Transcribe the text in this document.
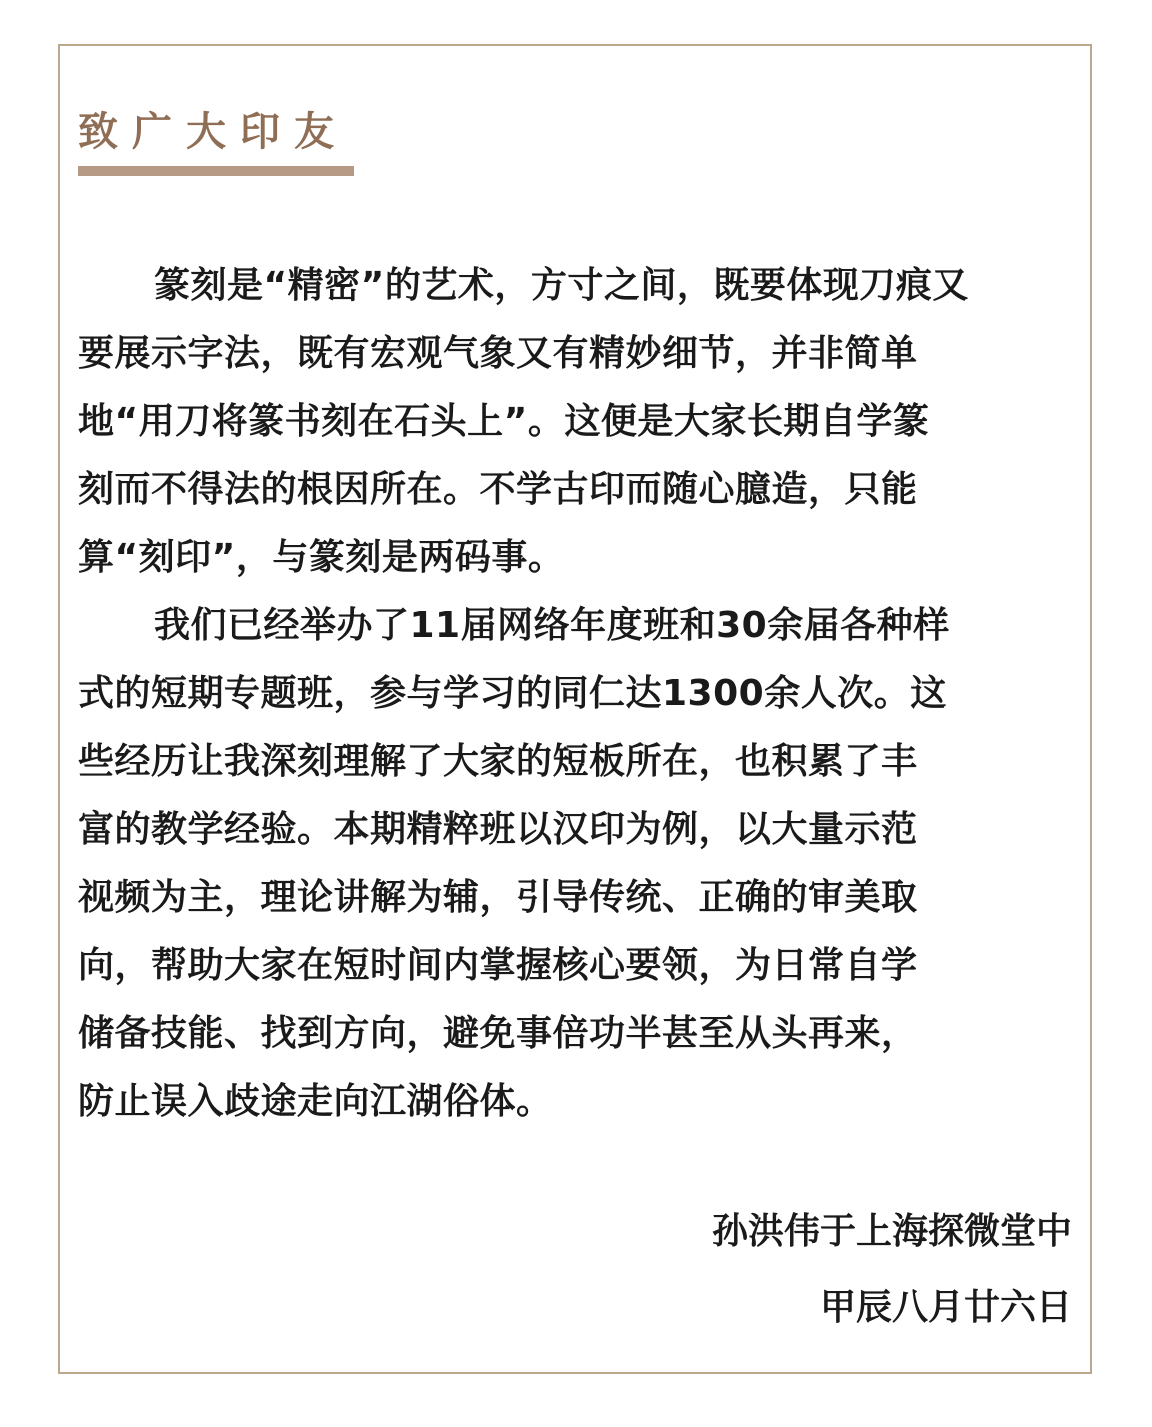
致广大印友
篆刻是“精密”的艺术，方寸之间，既要体现刀痕又
要展示字法，既有宏观气象又有精妙细节，并非简单
地“用刀将篆书刻在石头上”。这便是大家长期自学篆
刻而不得法的根因所在。不学古印而随心臆造，只能
算“刻印”，与篆刻是两码事。
我们已经举办了11届网络年度班和30余届各种样
式的短期专题班，参与学习的同仁达1300余人次。这
些经历让我深刻理解了大家的短板所在，也积累了丰
富的教学经验。本期精粹班以汉印为例，以大量示范
视频为主，理论讲解为辅，引导传统、正确的审美取
向，帮助大家在短时间内掌握核心要领，为日常自学
储备技能、找到方向，避免事倍功半甚至从头再来，
防止误入歧途走向江湖俗体。
孙洪伟于上海探微堂中
甲辰八月廿六日
